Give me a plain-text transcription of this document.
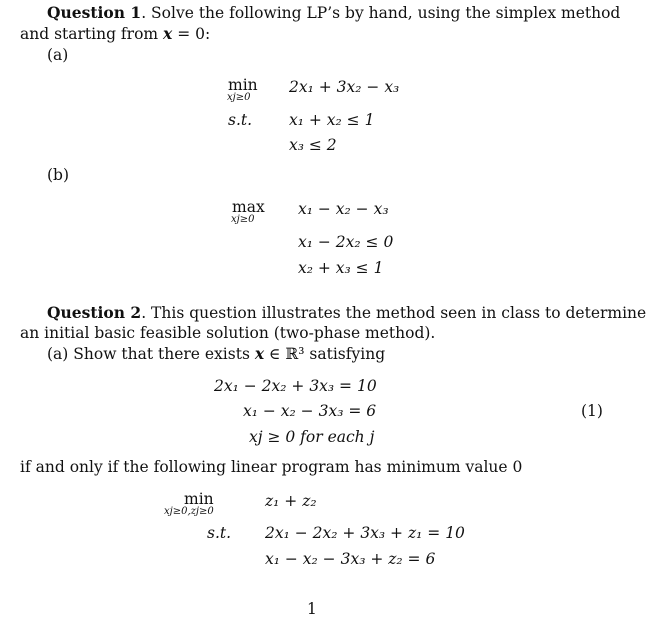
Question 1. Solve the following LP’s by hand, using the simplex method
and starting from x = 0:
(a)
min
xj≥0
2x₁ + 3x₂ − x₃
s.t. x₁ + x₂ ≤ 1
x₃ ≤ 2
(b)
max
xj≥0
x₁ − x₂ − x₃
x₁ − 2x₂ ≤ 0
x₂ + x₃ ≤ 1
Question 2. This question illustrates the method seen in class to determine
an initial basic feasible solution (two-phase method).
(a) Show that there exists x ∈ ℝ³ satisfying
2x₁ − 2x₂ + 3x₃ = 10
x₁ − x₂ − 3x₃ = 6
xj ≥ 0 for each j
(1)
if and only if the following linear program has minimum value 0
min
xj≥0,zj≥0
z₁ + z₂
s.t. 2x₁ − 2x₂ + 3x₃ + z₁ = 10
x₁ − x₂ − 3x₃ + z₂ = 6
1
